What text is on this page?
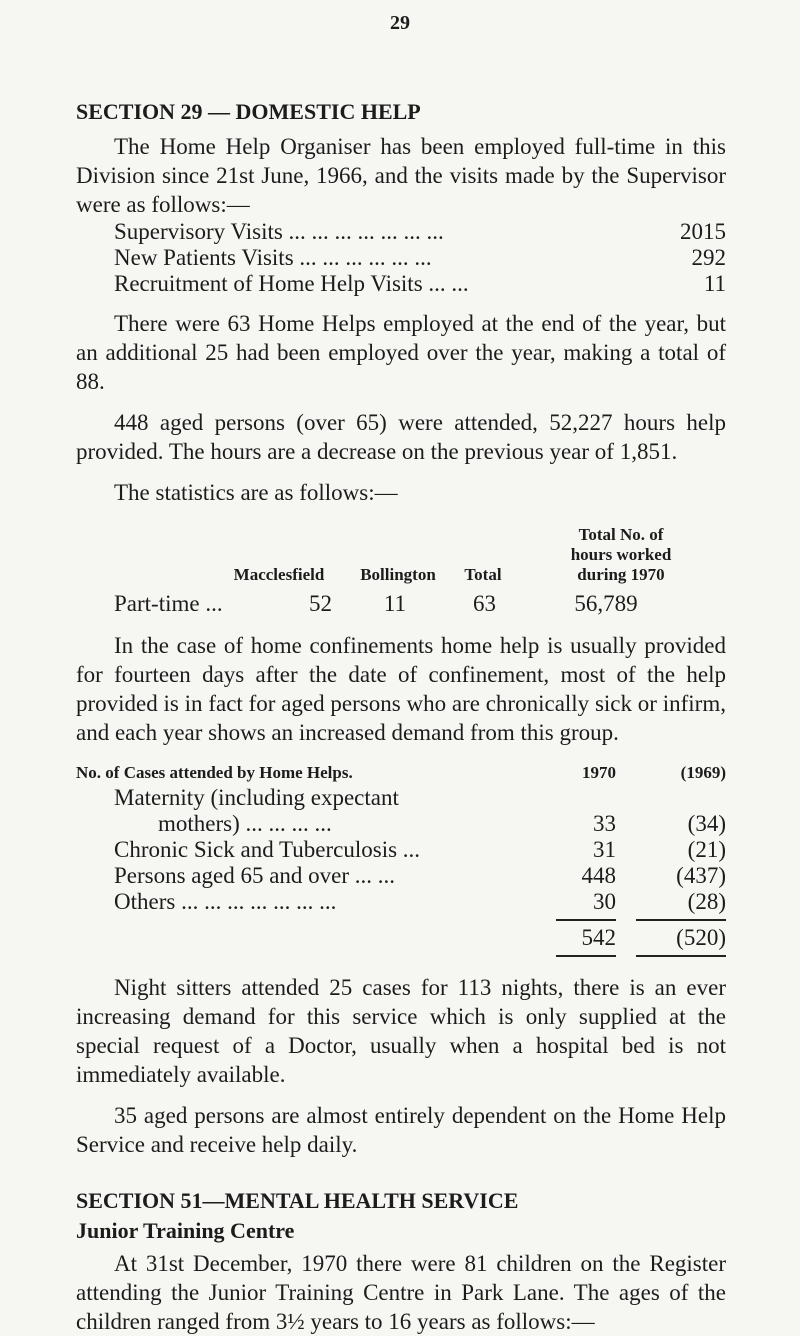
29
SECTION 29 — DOMESTIC HELP

The Home Help Organiser has been employed full-time in this Division since 21st June, 1966, and the visits made by the Supervisor were as follows:—

Supervisory Visits ... ... ... ... ... ... ...	2015
New Patients Visits ... ... ... ... ... ...	292
Recruitment of Home Help Visits ... ...	11

There were 63 Home Helps employed at the end of the year, but an additional 25 had been employed over the year, making a total of 88.

448 aged persons (over 65) were attended, 52,227 hours help provided. The hours are a decrease on the previous year of 1,851.

The statistics are as follows:—

Macclesfield	Bollington	Total
Total No. of
hours worked
during 1970
Part-time ...	52	11	63	56,789

In the case of home confinements home help is usually provided for fourteen days after the date of confinement, most of the help provided is in fact for aged persons who are chronically sick or infirm, and each year shows an increased demand from this group.

No. of Cases attended by Home Helps.	1970	(1969)
Maternity (including expectant
mothers) ... ... ... ...	33	(34)
Chronic Sick and Tuberculosis ...	31	(21)
Persons aged 65 and over ... ...	448	(437)
Others ... ... ... ... ... ... ...	30	(28)
542	(520)

Night sitters attended 25 cases for 113 nights, there is an ever increasing demand for this service which is only supplied at the special request of a Doctor, usually when a hospital bed is not immediately available.

35 aged persons are almost entirely dependent on the Home Help Service and receive help daily.

SECTION 51—MENTAL HEALTH SERVICE
Junior Training Centre

At 31st December, 1970 there were 81 children on the Register attending the Junior Training Centre in Park Lane. The ages of the children ranged from 3½ years to 16 years as follows:—
